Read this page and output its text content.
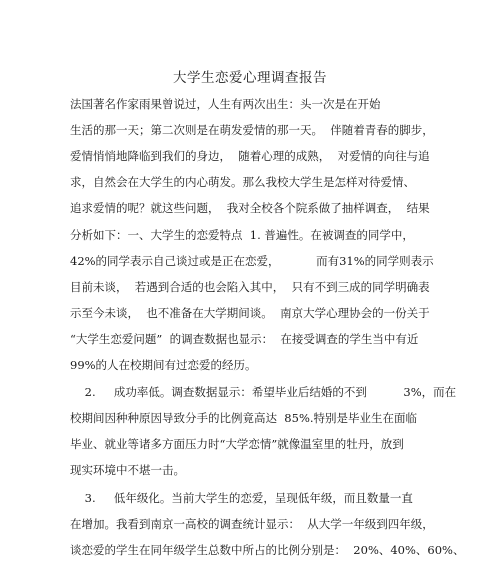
大学生恋爱心理调查报告
法国著名作家雨果曾说过，人生有两次出生：头一次是在开始
生活的那一天；第二次则是在萌发爱情的那一天。  伴随着青春的脚步，
爱情悄悄地降临到我们的身边，  随着心理的成熟，  对爱情的向往与追
求，自然会在大学生的内心萌发。那么我校大学生是怎样对待爱情、
追求爱情的呢？就这些问题，  我对全校各个院系做了抽样调查，  结果
分析如下：一、大学生的恋爱特点  1. 普遍性。在被调查的同学中，
42%的同学表示自己谈过或是正在恋爱，          而有31%的同学则表示
目前未谈，  若遇到合适的也会陷入其中，  只有不到三成的同学明确表
示至今未谈，  也不准备在大学期间谈。  南京大学心理协会的一份关于
“大学生恋爱问题”  的调查数据也显示：  在接受调查的学生当中有近
99%的人在校期间有过恋爱的经历。
2.     成功率低。调查数据显示：希望毕业后结婚的不到          3%，而在
校期间因种种原因导致分手的比例竟高达  85%.特别是毕业生在面临
毕业、就业等诸多方面压力时“大学恋情”就像温室里的牡丹，放到
现实环境中不堪一击。
3.     低年级化。当前大学生的恋爱，呈现低年级，而且数量一直
在增加。我看到南京一高校的调查统计显示：  从大学一年级到四年级，
谈恋爱的学生在同年级学生总数中所占的比例分别是：  20%、40%、60%、
